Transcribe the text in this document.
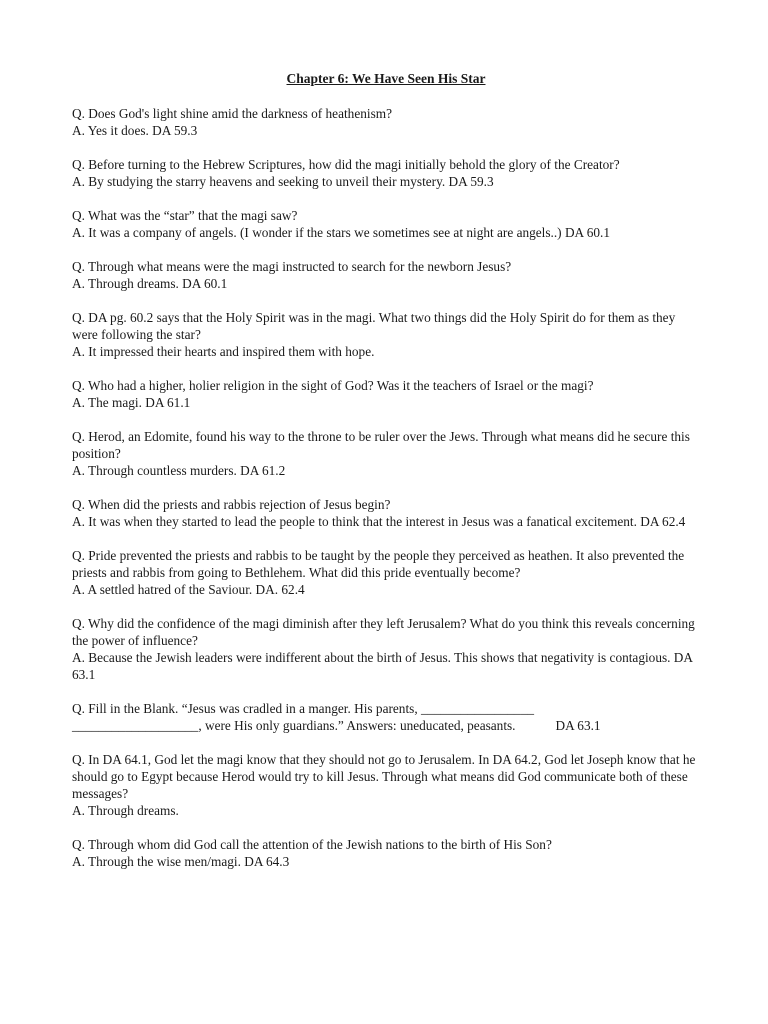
Chapter 6: We Have Seen His Star

Q. Does God's light shine amid the darkness of heathenism?

A. Yes it does. DA 59.3

Q. Before turning to the Hebrew Scriptures, how did the magi initially behold the glory of the Creator?

A. By studying the starry heavens and seeking to unveil their mystery. DA 59.3

Q. What was the “star” that the magi saw?

A. It was a company of angels. (I wonder if the stars we sometimes see at night are angels..) DA 60.1

Q. Through what means were the magi instructed to search for the newborn Jesus?

A. Through dreams. DA 60.1

Q. DA pg. 60.2 says that the Holy Spirit was in the magi. What two things did the Holy Spirit do for them as they were following the star?

A. It impressed their hearts and inspired them with hope.

Q. Who had a higher, holier religion in the sight of God? Was it the teachers of Israel or the magi?

A. The magi. DA 61.1

Q. Herod, an Edomite, found his way to the throne to be ruler over the Jews. Through what means did he secure this position?

A. Through countless murders. DA 61.2

Q. When did the priests and rabbis rejection of Jesus begin?

A. It was when they started to lead the people to think that the interest in Jesus was a fanatical excitement. DA 62.4

Q. Pride prevented the priests and rabbis to be taught by the people they perceived as heathen. It also prevented the priests and rabbis from going to Bethlehem. What did this pride eventually become?

A. A settled hatred of the Saviour. DA. 62.4

Q. Why did the confidence of the magi diminish after they left Jerusalem? What do you think this reveals concerning the power of influence?

A. Because the Jewish leaders were indifferent about the birth of Jesus. This shows that negativity is contagious. DA 63.1

Q. Fill in the Blank. “Jesus was cradled in a manger. His parents, _________________

___________________, were His only guardians.” Answers: uneducated, peasants.	DA 63.1

Q. In DA 64.1, God let the magi know that they should not go to Jerusalem. In DA 64.2, God let Joseph know that he should go to Egypt because Herod would try to kill Jesus. Through what means did God communicate both of these messages?

A. Through dreams.

Q. Through whom did God call the attention of the Jewish nations to the birth of His Son?

A. Through the wise men/magi. DA 64.3
